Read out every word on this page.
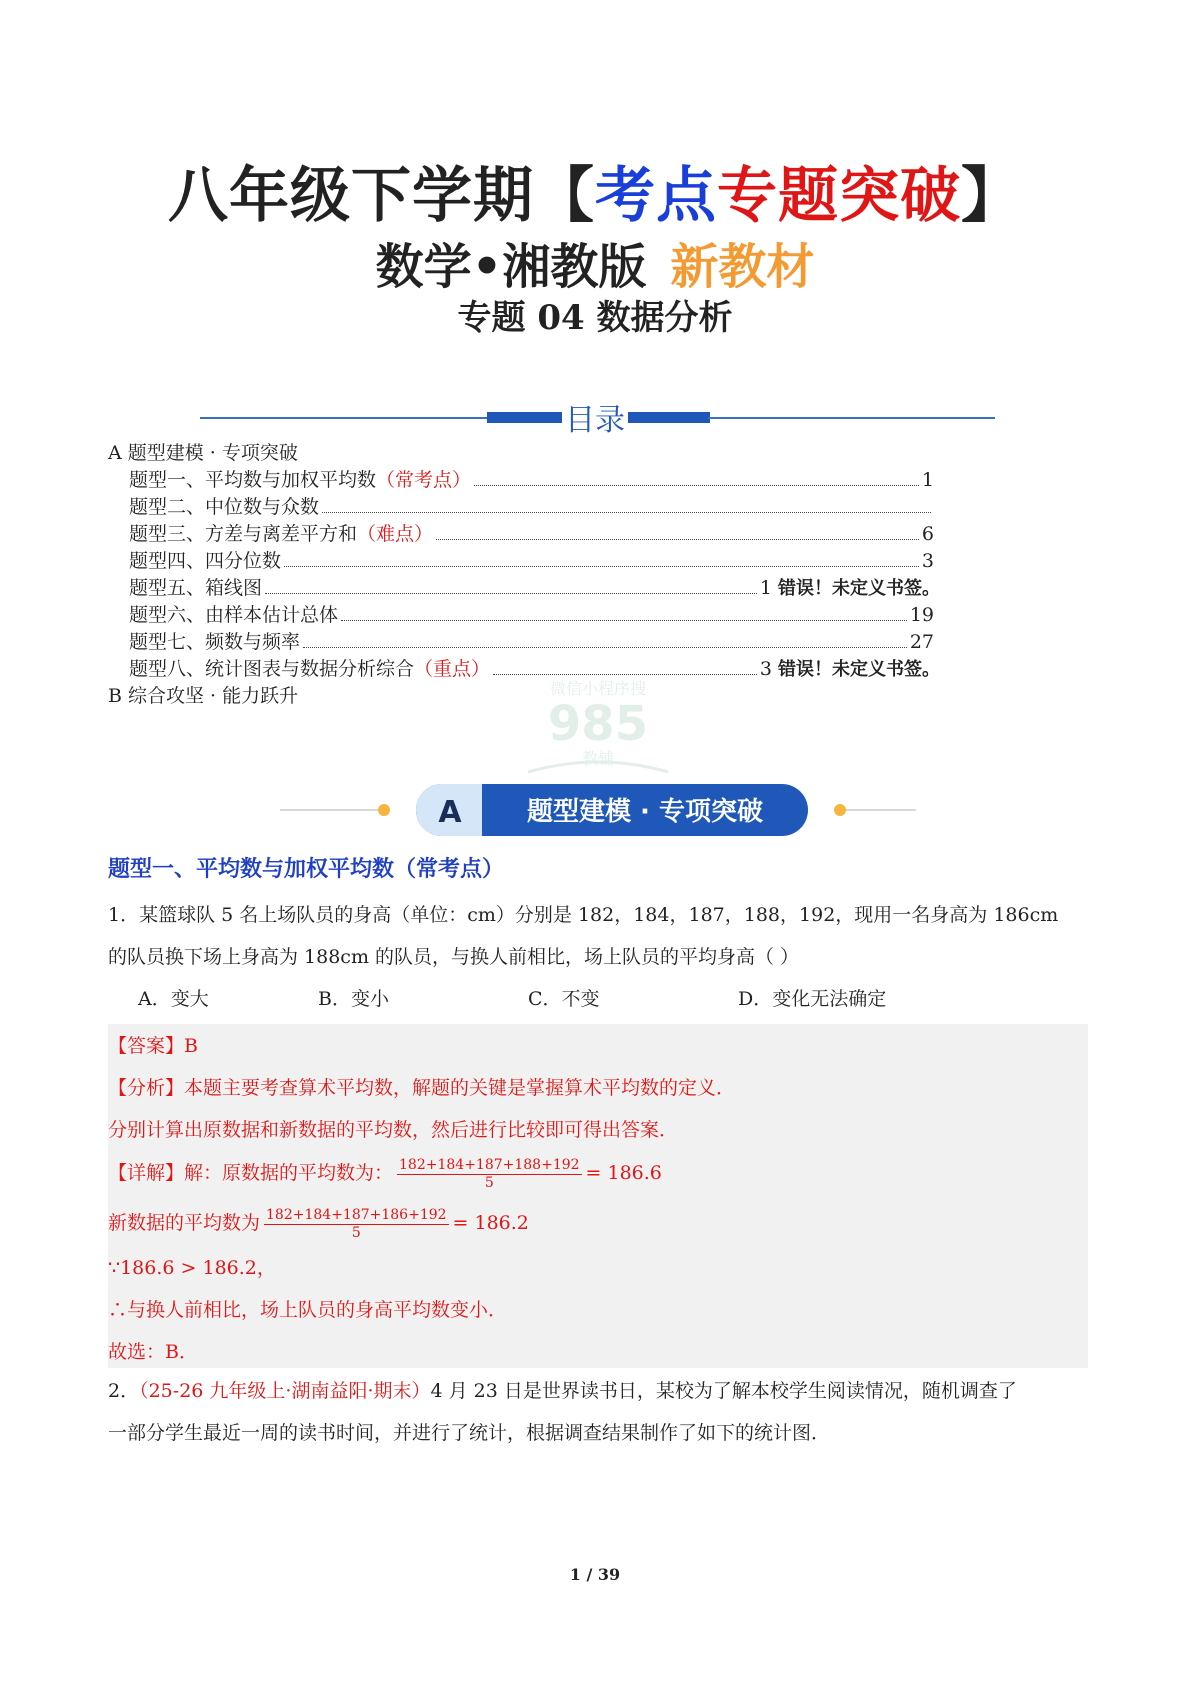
八年级下学期【考点专题突破】
数学•湘教版 新教材
专题 04 数据分析
目录
A 题型建模 · 专项突破
题型一、平均数与加权平均数 （常考点）	1
题型二、中位数与众数
题型三、方差与离差平方和 （难点）	6
题型四、四分位数	3
题型五、箱线图	1 错误！未定义书签。
题型六、由样本估计总体	19
题型七、频数与频率	27
题型八、统计图表与数据分析综合 （重点）	3 错误！未定义书签。
B 综合攻坚 · 能力跃升	微信小程序搜
985
教辅
A	题型建模 · 专项突破
题型一、平均数与加权平均数（常考点）
1．某篮球队 5 名上场队员的身高（单位：cm）分别是 182，184，187，188，192，现用一名身高为 186cm
的队员换下场上身高为 188cm 的队员，与换人前相比，场上队员的平均身高（ ）
A．变大	B．变小	C．不变	D．变化无法确定
【答案】B
【分析】本题主要考查算术平均数，解题的关键是掌握算术平均数的定义．
分别计算出原数据和新数据的平均数，然后进行比较即可得出答案．
【详解】解：原数据的平均数为： $\frac{182+184+187+188+192}{5} = 186.6$
新数据的平均数为 $\frac{182+184+187+186+192}{5} = 186.2$
∵186.6 > 186.2，
∴与换人前相比，场上队员的身高平均数变小．
故选：B．
2．（25-26 九年级上·湖南益阳·期末）4 月 23 日是世界读书日，某校为了解本校学生阅读情况，随机调查了
一部分学生最近一周的读书时间，并进行了统计，根据调查结果制作了如下的统计图．
1 / 39
